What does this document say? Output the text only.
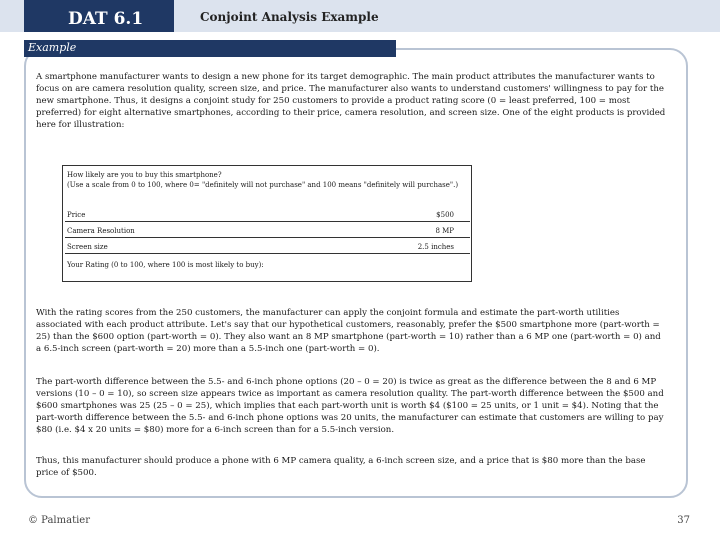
DAT 6.1	Conjoint Analysis Example
Example

A smartphone manufacturer wants to design a new phone for its target demographic. The main product attributes the manufacturer wants to focus on are camera resolution quality, screen size, and price. The manufacturer also wants to understand customers' willingness to pay for the new smartphone. Thus, it designs a conjoint study for 250 customers to provide a product rating score (0 = least preferred, 100 = most preferred) for eight alternative smartphones, according to their price, camera resolution, and screen size. One of the eight products is provided here for illustration:

How likely are you to buy this smartphone?
(Use a scale from 0 to 100, where 0= "definitely will not purchase" and 100 means "definitely will purchase".)
Price	$500
Camera Resolution	8 MP
Screen size	2.5 inches
Your Rating (0 to 100, where 100 is most likely to buy):

With the rating scores from the 250 customers, the manufacturer can apply the conjoint formula and estimate the part-worth utilities associated with each product attribute. Let's say that our hypothetical customers, reasonably, prefer the $500 smartphone more (part-worth = 25) than the $600 option (part-worth = 0). They also want an 8 MP smartphone (part-worth = 10) rather than a 6 MP one (part-worth = 0) and a 6.5-inch screen (part-worth = 20) more than a 5.5-inch one (part-worth = 0).

The part-worth difference between the 5.5- and 6-inch phone options (20 – 0 = 20) is twice as great as the difference between the 8 and 6 MP versions (10 – 0 = 10), so screen size appears twice as important as camera resolution quality. The part-worth difference between the $500 and $600 smartphones was 25 (25 – 0 = 25), which implies that each part-worth unit is worth $4 ($100 = 25 units, or 1 unit = $4). Noting that the part-worth difference between the 5.5- and 6-inch phone options was 20 units, the manufacturer can estimate that customers are willing to pay $80 (i.e. $4 x 20 units = $80) more for a 6-inch screen than for a 5.5-inch version.

Thus, this manufacturer should produce a phone with 6 MP camera quality, a 6-inch screen size, and a price that is $80 more than the base price of $500.

© Palmatier	37
